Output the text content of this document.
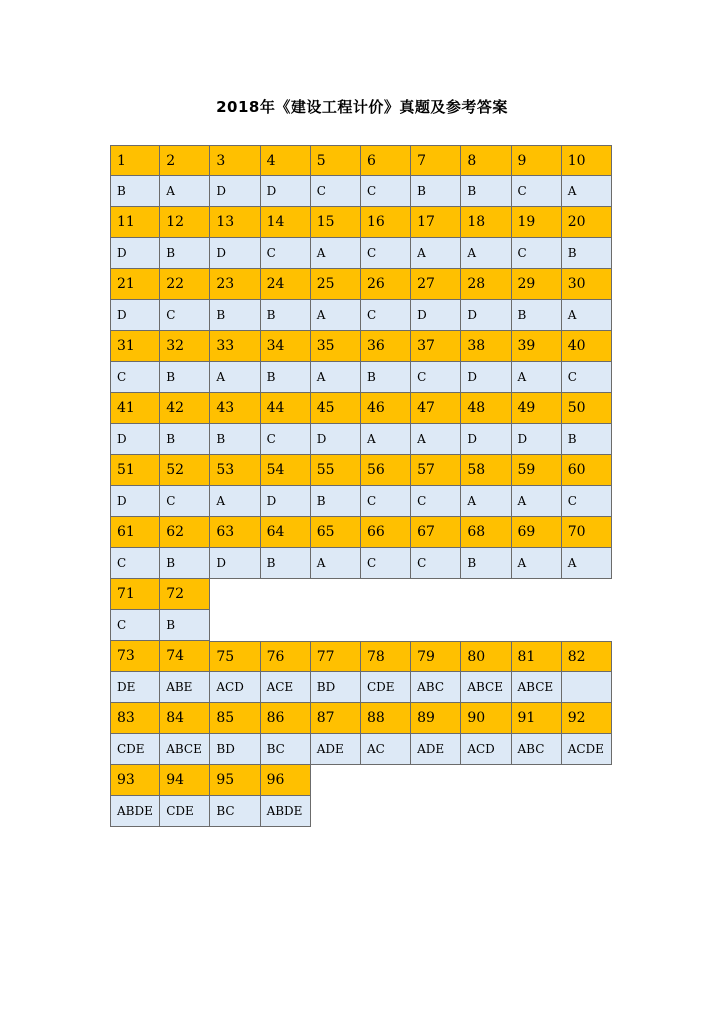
2018年《建设工程计价》真题及参考答案
1	2	3	4	5	6	7	8	9	10
B	A	D	D	C	C	B	B	C	A
11	12	13	14	15	16	17	18	19	20
D	B	D	C	A	C	A	A	C	B
21	22	23	24	25	26	27	28	29	30
D	C	B	B	A	C	D	D	B	A
31	32	33	34	35	36	37	38	39	40
C	B	A	B	A	B	C	D	A	C
41	42	43	44	45	46	47	48	49	50
D	B	B	C	D	A	A	D	D	B
51	52	53	54	55	56	57	58	59	60
D	C	A	D	B	C	C	A	A	C
61	62	63	64	65	66	67	68	69	70
C	B	D	B	A	C	C	B	A	A
71	72
C	B
73	74	75	76	77	78	79	80	81	82
DE	ABE	ACD	ACE	BD	CDE	ABC	ABCE	ABCE
83	84	85	86	87	88	89	90	91	92
CDE	ABCE	BD	BC	ADE	AC	ADE	ACD	ABC	ACDE
93	94	95	96
ABDE	CDE	BC	ABDE
